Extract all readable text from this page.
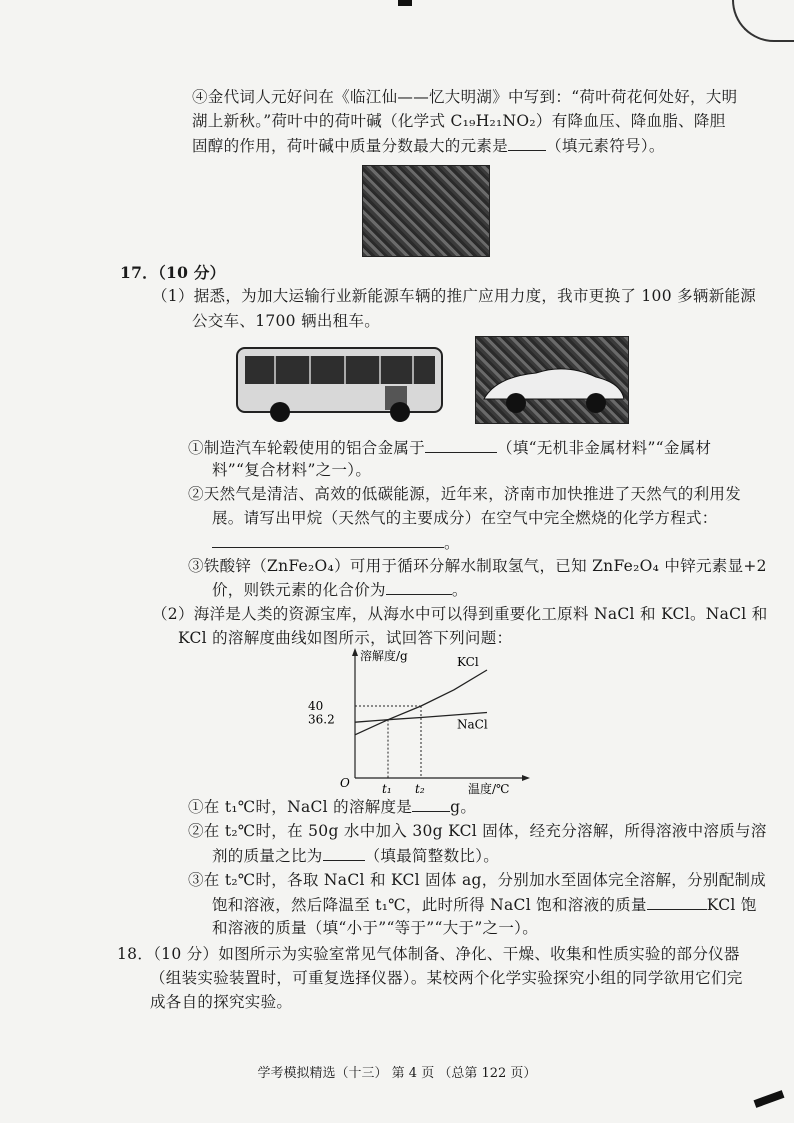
④金代词人元好问在《临江仙——忆大明湖》中写到：“荷叶荷花何处好，大明
湖上新秋。”荷叶中的荷叶碱（化学式 C₁₉H₂₁NO₂）有降血压、降血脂、降胆
固醇的作用，荷叶碱中质量分数最大的元素是 （填元素符号）。
17．（10 分）
（1）据悉，为加大运输行业新能源车辆的推广应用力度，我市更换了 100 多辆新能源
公交车、1700 辆出租车。
①制造汽车轮毂使用的铝合金属于	（填“无机非金属材料”“金属材
料”“复合材料”之一）。
②天然气是清洁、高效的低碳能源，近年来，济南市加快推进了天然气的利用发
展。请写出甲烷（天然气的主要成分）在空气中完全燃烧的化学方程式：
。
③铁酸锌（ZnFe₂O₄）可用于循环分解水制取氢气，已知 ZnFe₂O₄ 中锌元素显+2
价，则铁元素的化合价为	。
（2）海洋是人类的资源宝库，从海水中可以得到重要化工原料 NaCl 和 KCl。NaCl 和
KCl 的溶解度曲线如图所示，试回答下列问题：
溶解度/g
温度/℃
O
KCl
NaCl
36.2
40
t₁ t₂
①在 t₁℃时，NaCl 的溶解度是 g。
②在 t₂℃时，在 50g 水中加入 30g KCl 固体，经充分溶解，所得溶液中溶质与溶
剂的质量之比为	（填最简整数比）。
③在 t₂℃时，各取 NaCl 和 KCl 固体 ag，分别加水至固体完全溶解，分别配制成
饱和溶液，然后降温至 t₁℃，此时所得 NaCl 饱和溶液的质量	KCl 饱
和溶液的质量（填“小于”“等于”“大于”之一）。
18．（10 分）如图所示为实验室常见气体制备、净化、干燥、收集和性质实验的部分仪器
（组装实验装置时，可重复选择仪器）。某校两个化学实验探究小组的同学欲用它们完
成各自的探究实验。
学考模拟精选（十三） 第 4 页 （总第 122 页）
